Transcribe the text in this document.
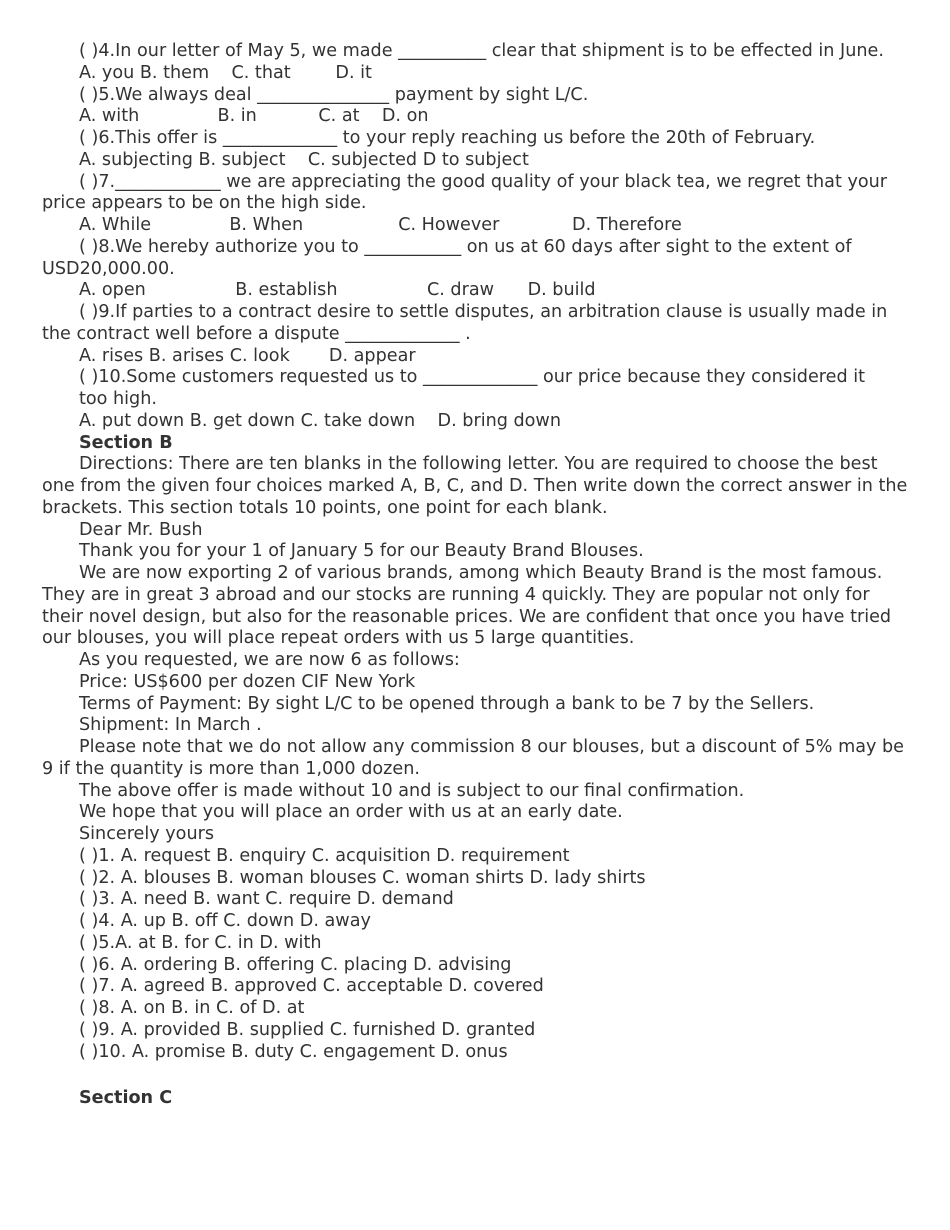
( )4.In our letter of May 5, we made __________ clear that shipment is to be effected in June.

A. you B. them    C. that        D. it

( )5.We always deal _______________ payment by sight L/C.

A. with              B. in           C. at    D. on

( )6.This offer is _____________ to your reply reaching us before the 20th of February.

A. subjecting B. subject    C. subjected D to subject

( )7.____________ we are appreciating the good quality of your black tea, we regret that your price appears to be on the high side.

A. While              B. When                 C. However             D. Therefore

( )8.We hereby authorize you to ___________ on us at 60 days after sight to the extent of USD20,000.00.

A. open                B. establish                C. draw      D. build

( )9.If parties to a contract desire to settle disputes, an arbitration clause is usually made in the contract well before a dispute _____________ .

A. rises B. arises C. look       D. appear

( )10.Some customers requested us to _____________ our price because they considered it

too high.

A. put down B. get down C. take down    D. bring down

Section B

Directions: There are ten blanks in the following letter. You are required to choose the best one from the given four choices marked A, B, C, and D. Then write down the correct answer in the brackets. This section totals 10 points, one point for each blank.

Dear Mr. Bush

Thank you for your 1 of January 5 for our Beauty Brand Blouses.

We are now exporting 2 of various brands, among which Beauty Brand is the most famous. They are in great 3 abroad and our stocks are running 4 quickly. They are popular not only for their novel design, but also for the reasonable prices. We are confident that once you have tried our blouses, you will place repeat orders with us 5 large quantities.

As you requested, we are now 6 as follows:

Price: US$600 per dozen CIF New York

Terms of Payment: By sight L/C to be opened through a bank to be 7 by the Sellers.

Shipment: In March .

Please note that we do not allow any commission 8 our blouses, but a discount of 5% may be 9 if the quantity is more than 1,000 dozen.

The above offer is made without 10 and is subject to our final confirmation.

We hope that you will place an order with us at an early date.

Sincerely yours

( )1. A. request B. enquiry C. acquisition D. requirement

( )2. A. blouses B. woman blouses C. woman shirts D. lady shirts

( )3. A. need B. want C. require D. demand

( )4. A. up B. off C. down D. away

( )5.A. at B. for C. in D. with

( )6. A. ordering B. offering C. placing D. advising

( )7. A. agreed B. approved C. acceptable D. covered

( )8. A. on B. in C. of D. at

( )9. A. provided B. supplied C. furnished D. granted

( )10. A. promise B. duty C. engagement D. onus

Section C
